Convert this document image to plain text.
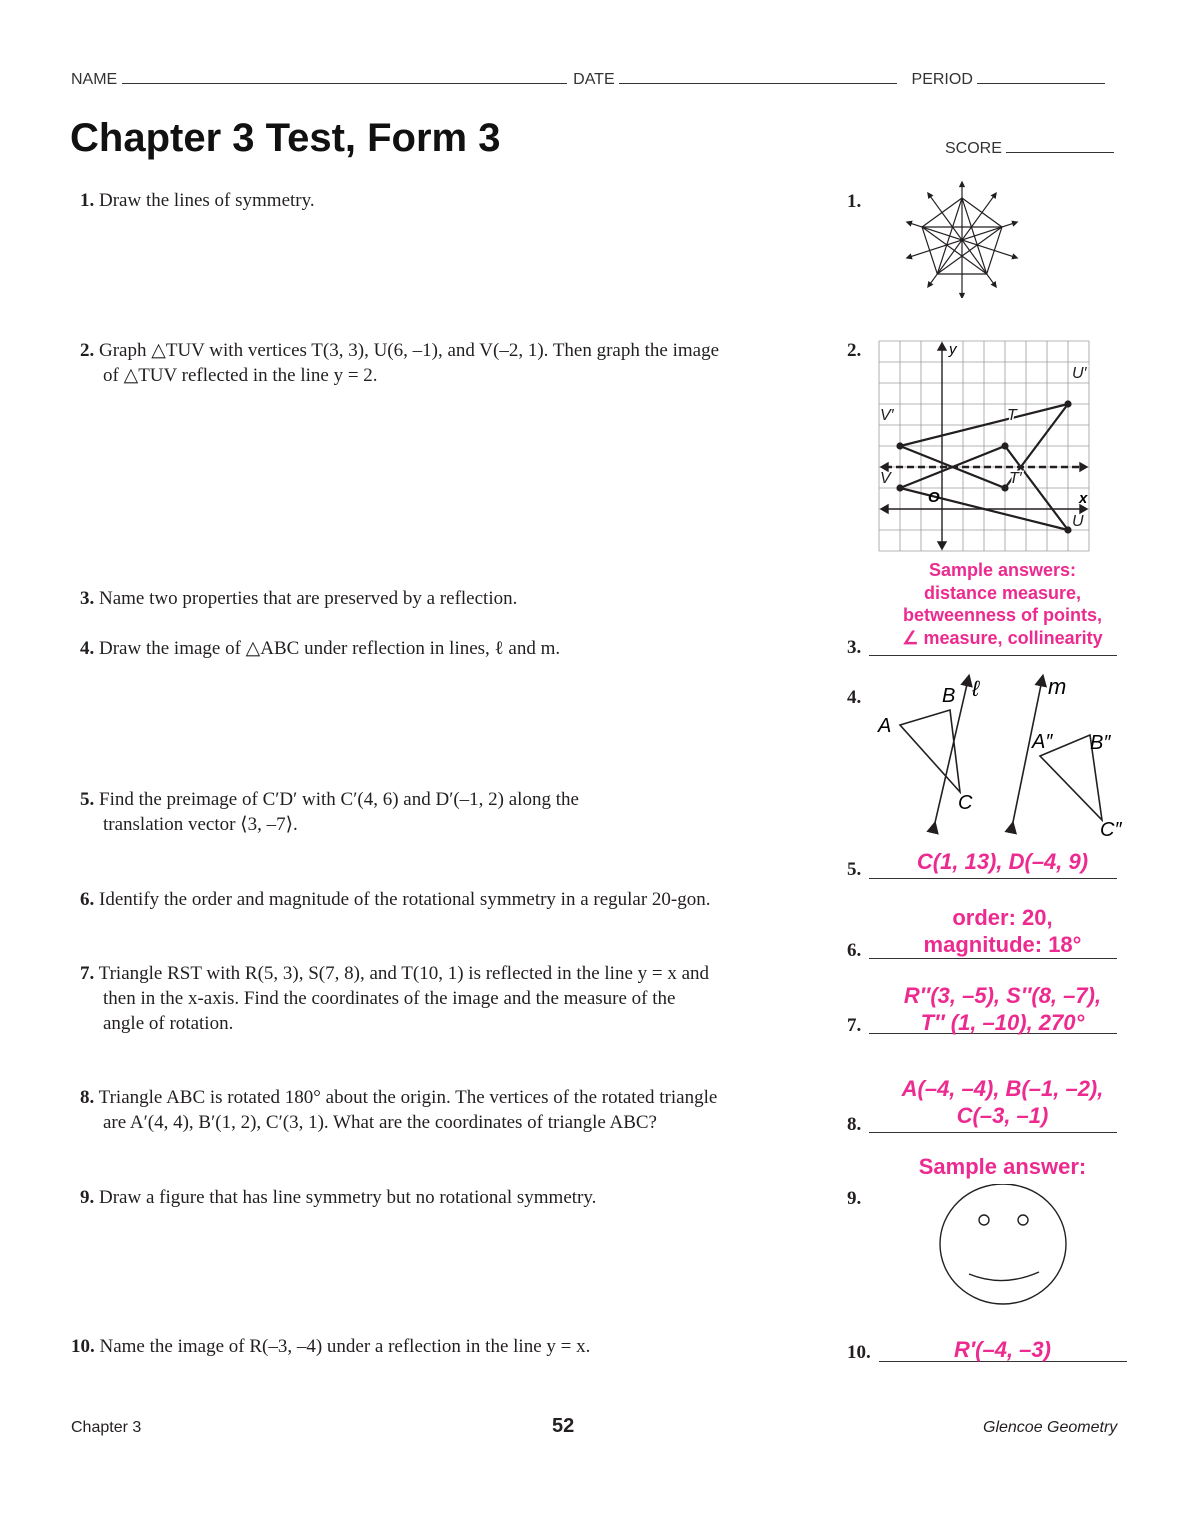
NAME	DATE	PERIOD
Chapter 3 Test, Form 3	SCORE
1. Draw the lines of symmetry.
2. Graph △TUV with vertices T(3, 3), U(6, –1), and V(–2, 1). Then graph the image
of △TUV reflected in the line y = 2.
3. Name two properties that are preserved by a reflection.
4. Draw the image of △ABC under reflection in lines, ℓ and m.
5. Find the preimage of C′D′ with C′(4, 6) and D′(–1, 2) along the
translation vector ⟨3, –7⟩.
6. Identify the order and magnitude of the rotational symmetry in a regular 20-gon.
7. Triangle RST with R(5, 3), S(7, 8), and T(10, 1) is reflected in the line y = x and
then in the x-axis. Find the coordinates of the image and the measure of the
angle of rotation.
8. Triangle ABC is rotated 180° about the origin. The vertices of the rotated triangle
are A′(4, 4), B′(1, 2), C′(3, 1). What are the coordinates of triangle ABC?
9. Draw a figure that has line symmetry but no rotational symmetry.
10. Name the image of R(–3, –4) under a reflection in the line y = x.
1.
2.
3.
4.
5.
6.
7.
8.
9.
10.
Sample answers:
distance measure,
betweenness of points,
∠ measure, collinearity
C(1, 13), D(–4, 9)
order: 20,
magnitude: 18°
R″(3, –5), S″(8, –7),
T″ (1, –10), 270°
A(–4, –4), B(–1, –2),
C(–3, –1)
Sample answer:
R′(–4, –3)
y
x
O
U′
V′	T
V	T′
U
B ℓ	m
A
A″ B″
C
C″
Chapter 3	52	Glencoe Geometry
